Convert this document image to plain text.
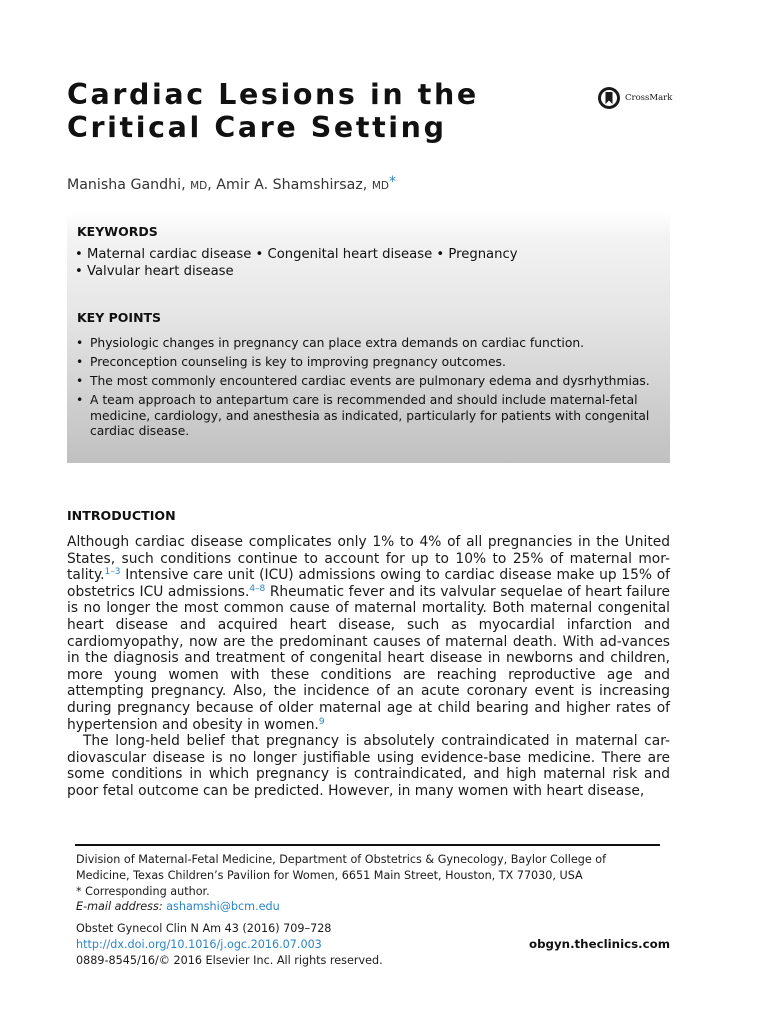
Cardiac Lesions in the
Critical Care Setting
CrossMark
Manisha Gandhi, MD, Amir A. Shamshirsaz, MD*
KEYWORDS
• Maternal cardiac disease • Congenital heart disease • Pregnancy
• Valvular heart disease
KEY POINTS
• Physiologic changes in pregnancy can place extra demands on cardiac function.
• Preconception counseling is key to improving pregnancy outcomes.
• The most commonly encountered cardiac events are pulmonary edema and dysrhythmias.
• A team approach to antepartum care is recommended and should include maternal-fetal medicine, cardiology, and anesthesia as indicated, particularly for patients with congenital cardiac disease.
INTRODUCTION

Although cardiac disease complicates only 1% to 4% of all pregnancies in the United States, such conditions continue to account for up to 10% to 25% of maternal mor-tality.$^{1-3}$ Intensive care unit (ICU) admissions owing to cardiac disease make up 15% of obstetrics ICU admissions.$^{4-8}$ Rheumatic fever and its valvular sequelae of heart failure is no longer the most common cause of maternal mortality. Both maternal congenital heart disease and acquired heart disease, such as myocardial infarction and cardiomyopathy, now are the predominant causes of maternal death. With ad-vances in the diagnosis and treatment of congenital heart disease in newborns and children, more young women with these conditions are reaching reproductive age and attempting pregnancy. Also, the incidence of an acute coronary event is increasing during pregnancy because of older maternal age at child bearing and higher rates of hypertension and obesity in women.$^9$

The long-held belief that pregnancy is absolutely contraindicated in maternal car-diovascular disease is no longer justifiable using evidence-base medicine. There are some conditions in which pregnancy is contraindicated, and high maternal risk and poor fetal outcome can be predicted. However, in many women with heart disease,

Division of Maternal-Fetal Medicine, Department of Obstetrics & Gynecology, Baylor College of
Medicine, Texas Children’s Pavilion for Women, 6651 Main Street, Houston, TX 77030, USA
* Corresponding author.
E-mail address: ashamshi@bcm.edu
Obstet Gynecol Clin N Am 43 (2016) 709–728
http://dx.doi.org/10.1016/j.ogc.2016.07.003
0889-8545/16/© 2016 Elsevier Inc. All rights reserved.
obgyn.theclinics.com
